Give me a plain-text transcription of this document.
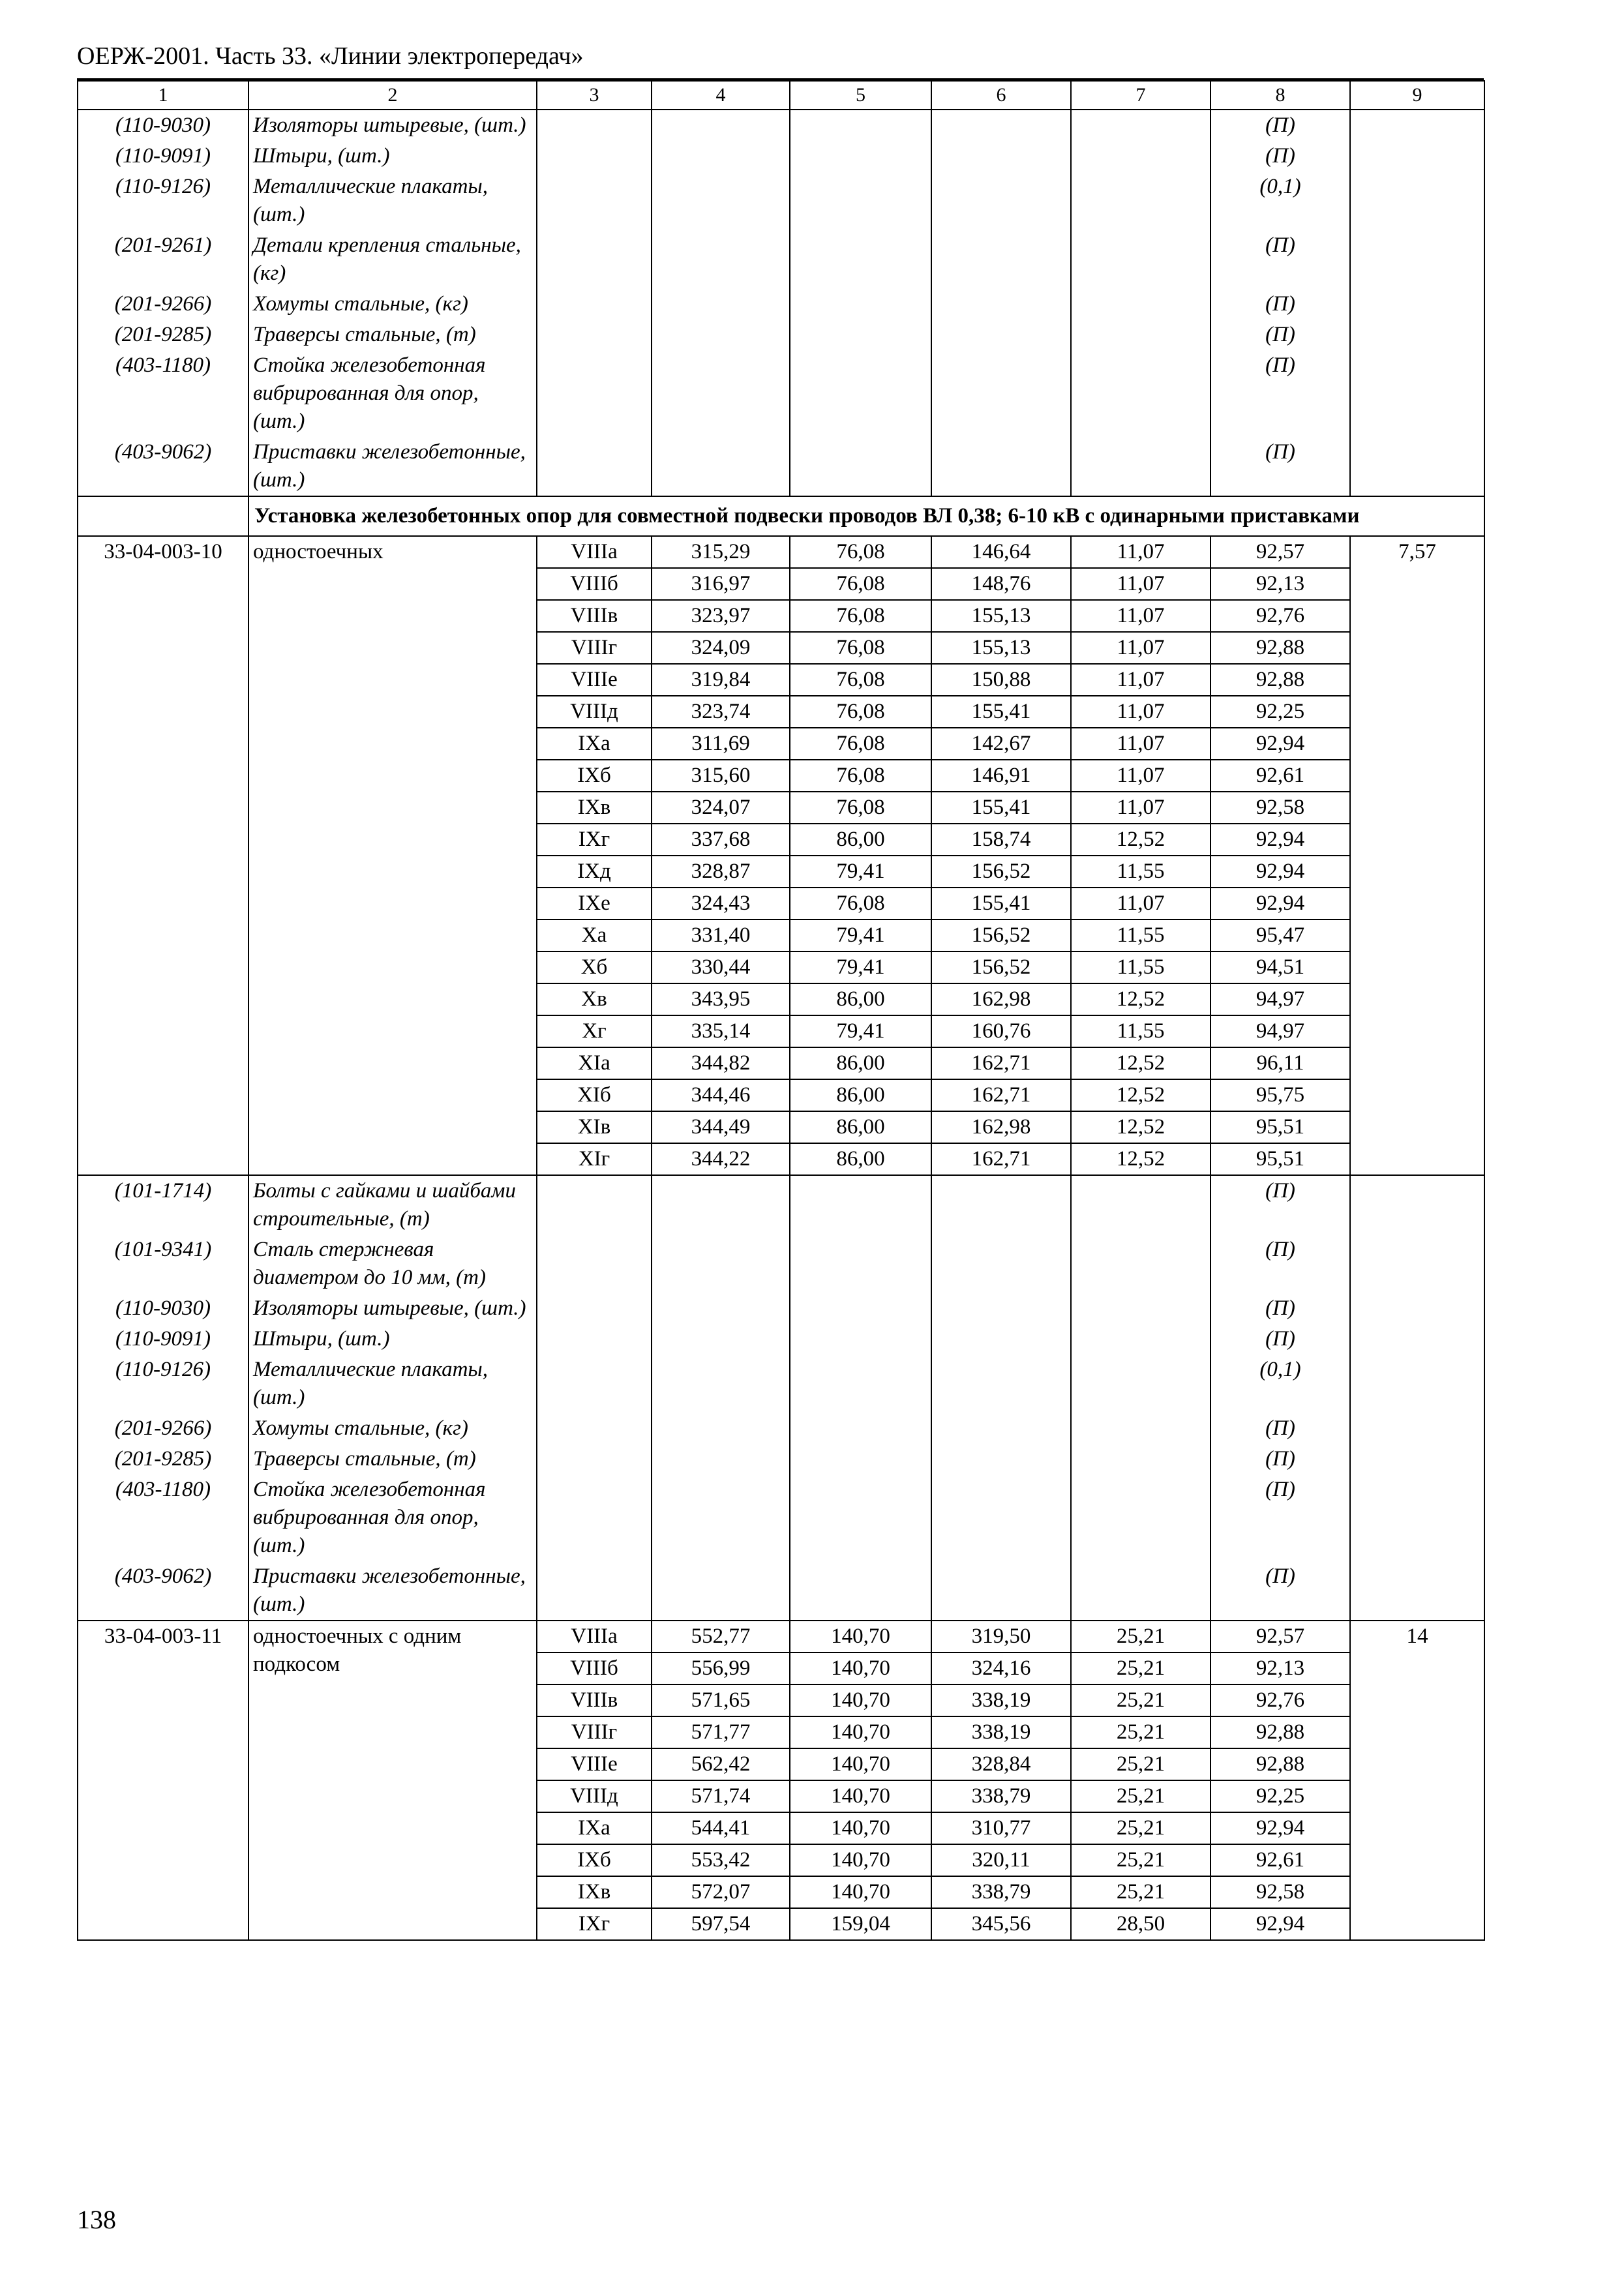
ОЕРЖ-2001. Часть 33. «Линии электропередач»
1	2	3	4	5	6	7	8	9
(110-9030)	Изоляторы штыревые, (шт.)						(П)	
(110-9091)	Штыри, (шт.)						(П)	
(110-9126)	Металлические плакаты, (шт.)						(0,1)	
(201-9261)	Детали крепления стальные, (кг)						(П)	
(201-9266)	Хомуты стальные, (кг)						(П)	
(201-9285)	Траверсы стальные, (т)						(П)	
(403-1180)	Стойка железобетонная вибрированная для опор, (шт.)						(П)	
(403-9062)	Приставки железобетонные, (шт.)						(П)	
	Установка железобетонных опор для совместной подвески проводов ВЛ 0,38; 6-10 кВ с одинарными приставками							
33-04-003-10	одностоечных	VIIIа	315,29	76,08	146,64	11,07	92,57	7,57
		VIIIб	316,97	76,08	148,76	11,07	92,13	
		VIIIв	323,97	76,08	155,13	11,07	92,76	
		VIIIг	324,09	76,08	155,13	11,07	92,88	
		VIIIе	319,84	76,08	150,88	11,07	92,88	
		VIIIд	323,74	76,08	155,41	11,07	92,25	
		IXа	311,69	76,08	142,67	11,07	92,94	
		IXб	315,60	76,08	146,91	11,07	92,61	
		IXв	324,07	76,08	155,41	11,07	92,58	
		IXг	337,68	86,00	158,74	12,52	92,94	
		IXд	328,87	79,41	156,52	11,55	92,94	
		IXе	324,43	76,08	155,41	11,07	92,94	
		Xа	331,40	79,41	156,52	11,55	95,47	
		Xб	330,44	79,41	156,52	11,55	94,51	
		Xв	343,95	86,00	162,98	12,52	94,97	
		Xг	335,14	79,41	160,76	11,55	94,97	
		XIа	344,82	86,00	162,71	12,52	96,11	
		XIб	344,46	86,00	162,71	12,52	95,75	
		XIв	344,49	86,00	162,98	12,52	95,51	
		XIг	344,22	86,00	162,71	12,52	95,51	
(101-1714)	Болты с гайками и шайбами строительные, (т)						(П)	
(101-9341)	Сталь стержневая диаметром до 10 мм, (т)						(П)	
(110-9030)	Изоляторы штыревые, (шт.)						(П)	
(110-9091)	Штыри, (шт.)						(П)	
(110-9126)	Металлические плакаты, (шт.)						(0,1)	
(201-9266)	Хомуты стальные, (кг)						(П)	
(201-9285)	Траверсы стальные, (т)						(П)	
(403-1180)	Стойка железобетонная вибрированная для опор, (шт.)						(П)	
(403-9062)	Приставки железобетонные, (шт.)						(П)	
33-04-003-11	одностоечных с одним подкосом	VIIIа	552,77	140,70	319,50	25,21	92,57	14
		VIIIб	556,99	140,70	324,16	25,21	92,13	
		VIIIв	571,65	140,70	338,19	25,21	92,76	
		VIIIг	571,77	140,70	338,19	25,21	92,88	
		VIIIе	562,42	140,70	328,84	25,21	92,88	
		VIIIд	571,74	140,70	338,79	25,21	92,25	
		IXа	544,41	140,70	310,77	25,21	92,94	
		IXб	553,42	140,70	320,11	25,21	92,61	
		IXв	572,07	140,70	338,79	25,21	92,58	
		IXг	597,54	159,04	345,56	28,50	92,94	
138
